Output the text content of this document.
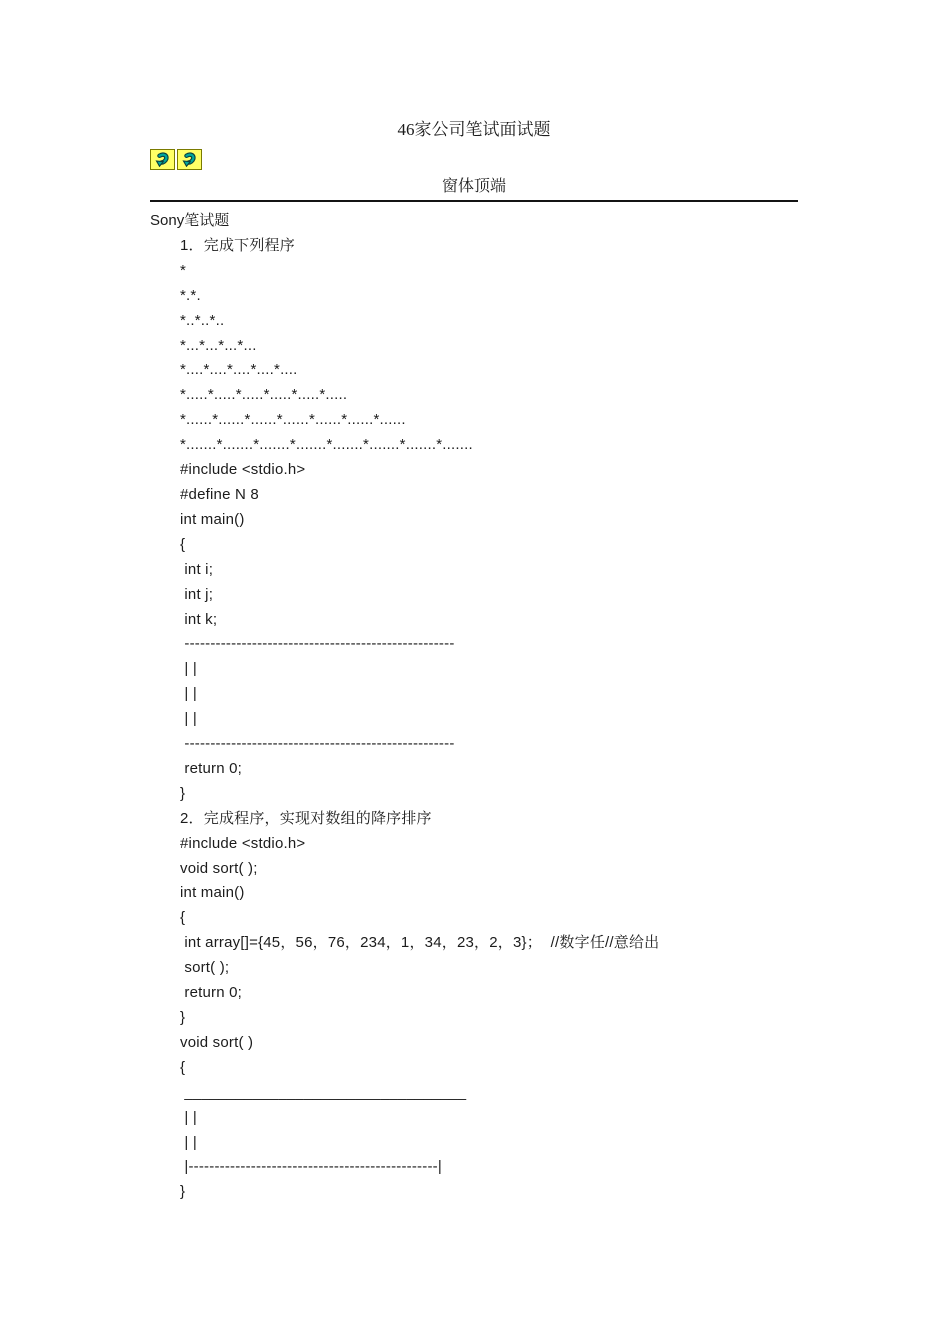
46家公司笔试面试题
窗体顶端
Sony笔试题
1．完成下列程序
*
*.*.
*..*..*..
*...*...*...*...
*....*....*....*....*....
*.....*.....*.....*.....*.....*.....
*......*......*......*......*......*......*......
*.......*.......*.......*.......*.......*.......*.......*.......
#include <stdio.h>
#define N 8
int main()
{
int i;
int j;
int k;
----------------------------------------------------
| |
| |
| |
----------------------------------------------------
return 0;
}
2．完成程序，实现对数组的降序排序
#include <stdio.h>
void sort( );
int main()
{
int array[]={45，56，76，234，1，34，23，2，3}；  //数字任//意给出
sort( );
return 0;
}
void sort( )
{
_________________________________
| |
| |
|------------------------------------------------|
}
